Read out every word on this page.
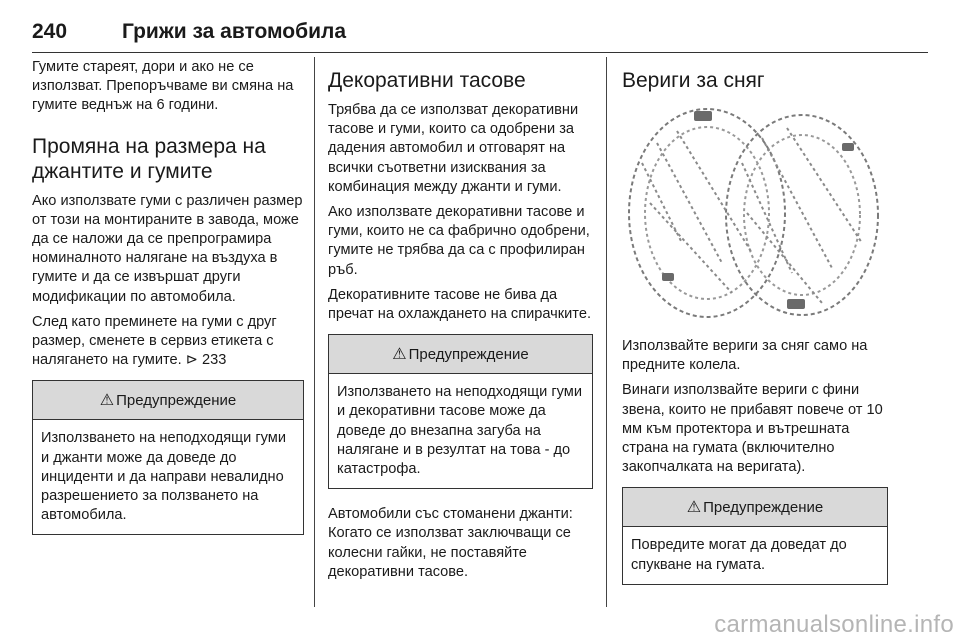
240	Грижи за автомобила

Гумите стареят, дори и ако не се използват. Препоръчваме ви смяна на гумите веднъж на 6 години.

Промяна на размера на джантите и гумите

Ако използвате гуми с различен размер от този на монтираните в завода, може да се наложи да се препрограмира номиналното налягане на въздуха в гумите и да се извършат други модификации по автомобила.

След като преминете на гуми с друг размер, сменете в сервиз етикета с налягането на гумите. ⊳ 233

⚠ Предупреждение
Използването на неподходящи гуми и джанти може да доведе до инциденти и да направи невалидно разрешението за ползването на автомобила.
Декоративни тасове

Трябва да се използват декоративни тасове и гуми, които са одобрени за дадения автомобил и отговарят на всички съответни изисквания за комбинация между джанти и гуми.

Ако използвате декоративни тасове и гуми, които не са фабрично одобрени, гумите не трябва да са с профилиран ръб.

Декоративните тасове не бива да пречат на охлаждането на спирачките.

⚠ Предупреждение
Използването на неподходящи гуми и декоративни тасове може да доведе до внезапна загуба на налягане и в резултат на това - до катастрофа.

Автомобили със стоманени джанти: Когато се използват заключващи се колесни гайки, не поставяйте декоративни тасове.

Вериги за сняг

Използвайте вериги за сняг само на предните колела.

Винаги използвайте вериги с фини звена, които не прибавят повече от 10 мм към протектора и вътрешната страна на гумата (включително закопчалката на веригата).

⚠ Предупреждение
Повредите могат да доведат до спукване на гумата.
carmanualsonline.info
